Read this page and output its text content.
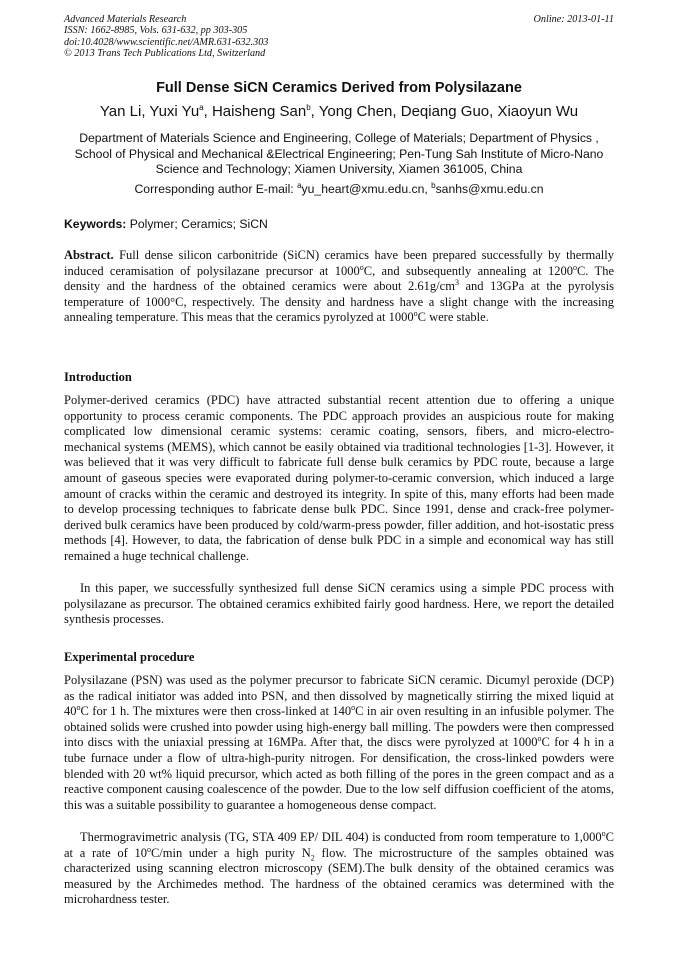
Advanced Materials Research
ISSN: 1662-8985, Vols. 631-632, pp 303-305
doi:10.4028/www.scientific.net/AMR.631-632.303
© 2013 Trans Tech Publications Ltd, Switzerland
Online: 2013-01-11
Full Dense SiCN Ceramics Derived from Polysilazane
Yan Li, Yuxi Yu$^a$, Haisheng San$^b$, Yong Chen, Deqiang Guo, Xiaoyun Wu
Department of Materials Science and Engineering, College of Materials; Department of Physics , School of Physical and Mechanical &Electrical Engineering; Pen-Tung Sah Institute of Micro-Nano Science and Technology; Xiamen University, Xiamen 361005, China
Corresponding author E-mail: $^a$yu_heart@xmu.edu.cn, $^b$sanhs@xmu.edu.cn
Keywords: Polymer; Ceramics; SiCN

Abstract. Full dense silicon carbonitride (SiCN) ceramics have been prepared successfully by thermally induced ceramisation of polysilazane precursor at 1000$^o$C, and subsequently annealing at 1200$^o$C. The density and the hardness of the obtained ceramics were about $2.61g/cm^3$ and 13GPa at the pyrolysis temperature of 1000°C, respectively. The density and hardness have a slight change with the increasing annealing temperature. This meas that the ceramics pyrolyzed at 1000$^o$C were stable.

Introduction

Polymer-derived ceramics (PDC) have attracted substantial recent attention due to offering a unique opportunity to process ceramic components. The PDC approach provides an auspicious route for making complicated low dimensional ceramic systems: ceramic coating, sensors, fibers, and micro-electro-mechanical systems (MEMS), which cannot be easily obtained via traditional technologies [1-3]. However, it was believed that it was very difficult to fabricate full dense bulk ceramics by PDC route, because a large amount of gaseous species were evaporated during polymer-to-ceramic conversion, which induced a large amount of cracks within the ceramic and destroyed its integrity. In spite of this, many efforts had been made to develop processing techniques to fabricate dense bulk PDC. Since 1991, dense and crack-free polymer-derived bulk ceramics have been produced by cold/warm-press powder, filler addition, and hot-isostatic press methods [4]. However, to data, the fabrication of dense bulk PDC in a simple and economical way has still remained a huge technical challenge.

In this paper, we successfully synthesized full dense SiCN ceramics using a simple PDC process with polysilazane as precursor. The obtained ceramics exhibited fairly good hardness. Here, we report the detailed synthesis processes.

Experimental procedure

Polysilazane (PSN) was used as the polymer precursor to fabricate SiCN ceramic. Dicumyl peroxide (DCP) as the radical initiator was added into PSN, and then dissolved by magnetically stirring the mixed liquid at 40$^o$C for 1 h. The mixtures were then cross-linked at 140$^o$C in air oven resulting in an infusible polymer. The obtained solids were crushed into powder using high-energy ball milling. The powders were then compressed into discs with the uniaxial pressing at 16MPa. After that, the discs were pyrolyzed at 1000$^o$C for 4 h in a tube furnace under a flow of ultra-high-purity nitrogen. For densification, the cross-linked powders were blended with 20 wt% liquid precursor, which acted as both filling of the pores in the green compact and as a reactive component causing coalescence of the powder. Due to the low self diffusion coefficient of the atoms, this was a suitable possibility to guarantee a homogeneous dense compact.

Thermogravimetric analysis (TG, STA 409 EP/ DIL 404) is conducted from room temperature to 1,000$^o$C at a rate of 10$^o$C/min under a high purity $N_2$ flow. The microstructure of the samples obtained was characterized using scanning electron microscopy (SEM).The bulk density of the obtained ceramics was measured by the Archimedes method. The hardness of the obtained ceramics was determined with the microhardness tester.
